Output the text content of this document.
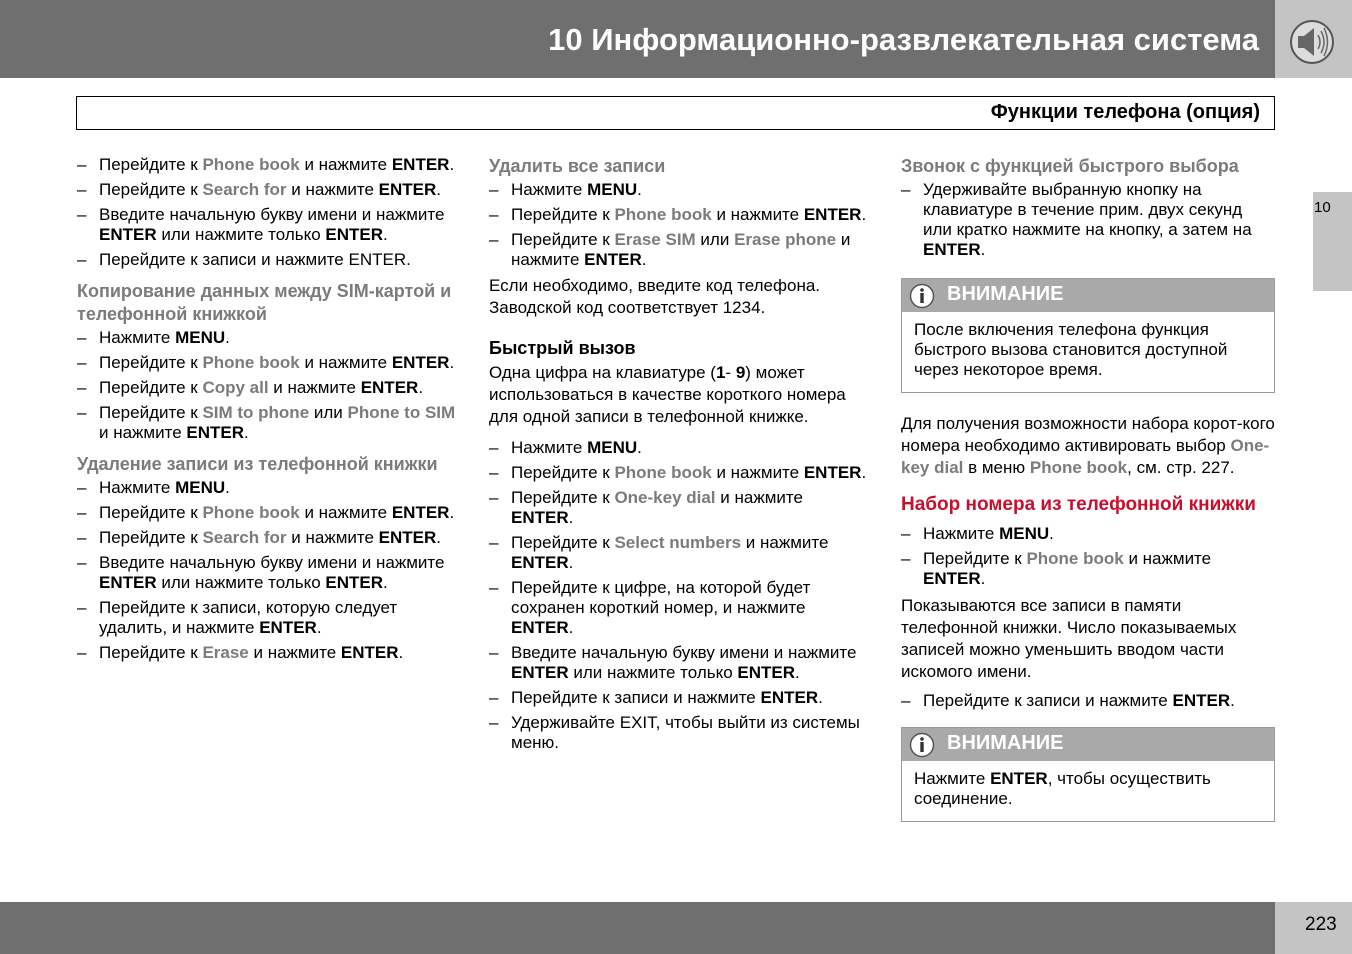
10 Информационно-развлекательная система
Функции телефона (опция)
10
223
– Перейдите к Phone book и нажмите ENTER.
– Перейдите к Search for и нажмите ENTER.
– Введите начальную букву имени и нажмите ENTER или нажмите только ENTER.
– Перейдите к записи и нажмите ENTER.
Копирование данных между SIM-картой и телефонной книжкой
– Нажмите MENU.
– Перейдите к Phone book и нажмите ENTER.
– Перейдите к Copy all и нажмите ENTER.
– Перейдите к SIM to phone или Phone to SIM и нажмите ENTER.
Удаление записи из телефонной книжки
– Нажмите MENU.
– Перейдите к Phone book и нажмите ENTER.
– Перейдите к Search for и нажмите ENTER.
– Введите начальную букву имени и нажмите ENTER или нажмите только ENTER.
– Перейдите к записи, которую следует удалить, и нажмите ENTER.
– Перейдите к Erase и нажмите ENTER.
Удалить все записи
– Нажмите MENU.
– Перейдите к Phone book и нажмите ENTER.
– Перейдите к Erase SIM или Erase phone и нажмите ENTER.
Если необходимо, введите код телефона. Заводской код соответствует 1234.
Быстрый вызов
Одна цифра на клавиатуре (1- 9) может использоваться в качестве короткого номера для одной записи в телефонной книжке.
– Нажмите MENU.
– Перейдите к Phone book и нажмите ENTER.
– Перейдите к One-key dial и нажмите ENTER.
– Перейдите к Select numbers и нажмите ENTER.
– Перейдите к цифре, на которой будет сохранен короткий номер, и нажмите ENTER.
– Введите начальную букву имени и нажмите ENTER или нажмите только ENTER.
– Перейдите к записи и нажмите ENTER.
– Удерживайте EXIT, чтобы выйти из системы меню.
Звонок с функцией быстрого выбора
– Удерживайте выбранную кнопку на клавиатуре в течение прим. двух секунд или кратко нажмите на кнопку, а затем на ENTER.
ВНИМАНИЕ
После включения телефона функция быстрого вызова становится доступной через некоторое время.
Для получения возможности набора корот-кого номера необходимо активировать выбор One-key dial в меню Phone book, см. стр. 227.
Набор номера из телефонной книжки
– Нажмите MENU.
– Перейдите к Phone book и нажмите ENTER.
Показываются все записи в памяти телефонной книжки. Число показываемых записей можно уменьшить вводом части искомого имени.
– Перейдите к записи и нажмите ENTER.
ВНИМАНИЕ
Нажмите ENTER, чтобы осуществить соединение.
